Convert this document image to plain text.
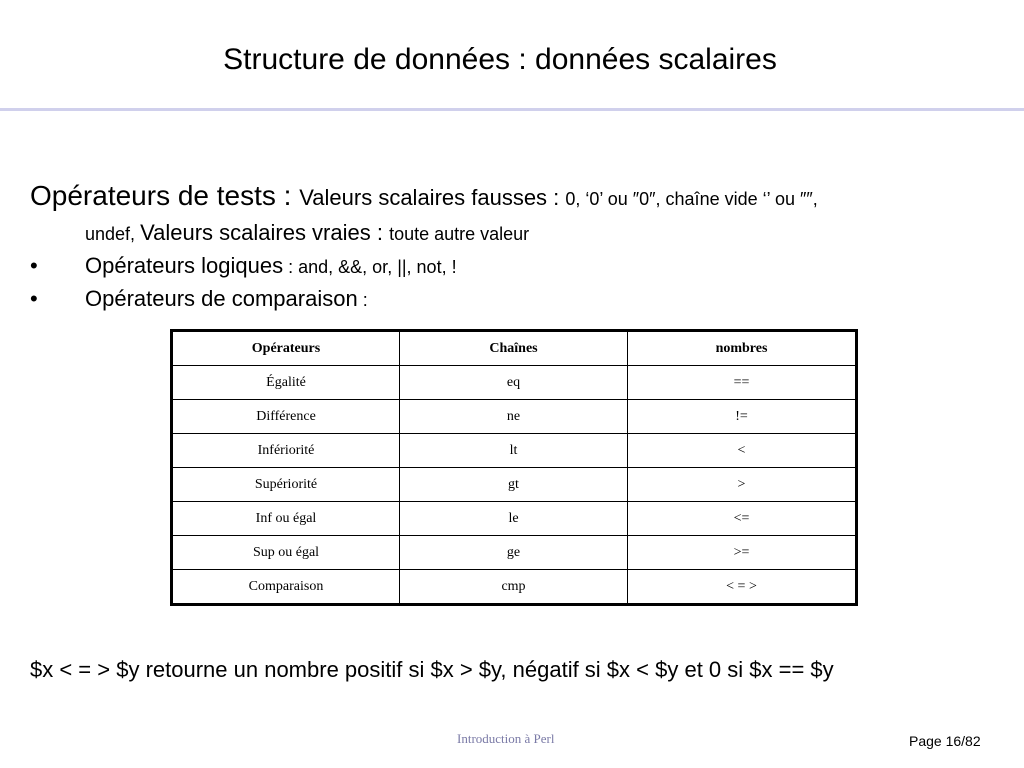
Structure de données : données scalaires
Opérateurs de tests : Valeurs scalaires fausses : 0, ‘0’ ou ″0″, chaîne vide ‘’ ou ″″,
undef, Valeurs scalaires vraies : toute autre valeur
• Opérateurs logiques : and, &&, or, ||, not, !
• Opérateurs de comparaison :
Opérateurs	Chaînes	nombres
Égalité	eq	==
Différence	ne	!=
Infériorité	lt	<
Supériorité	gt	>
Inf ou égal	le	<=
Sup ou égal	ge	>=
Comparaison	cmp	< = >
$x < = > $y retourne un nombre positif si $x > $y, négatif si $x < $y et 0 si $x == $y
Introduction à Perl	Page 16/82
